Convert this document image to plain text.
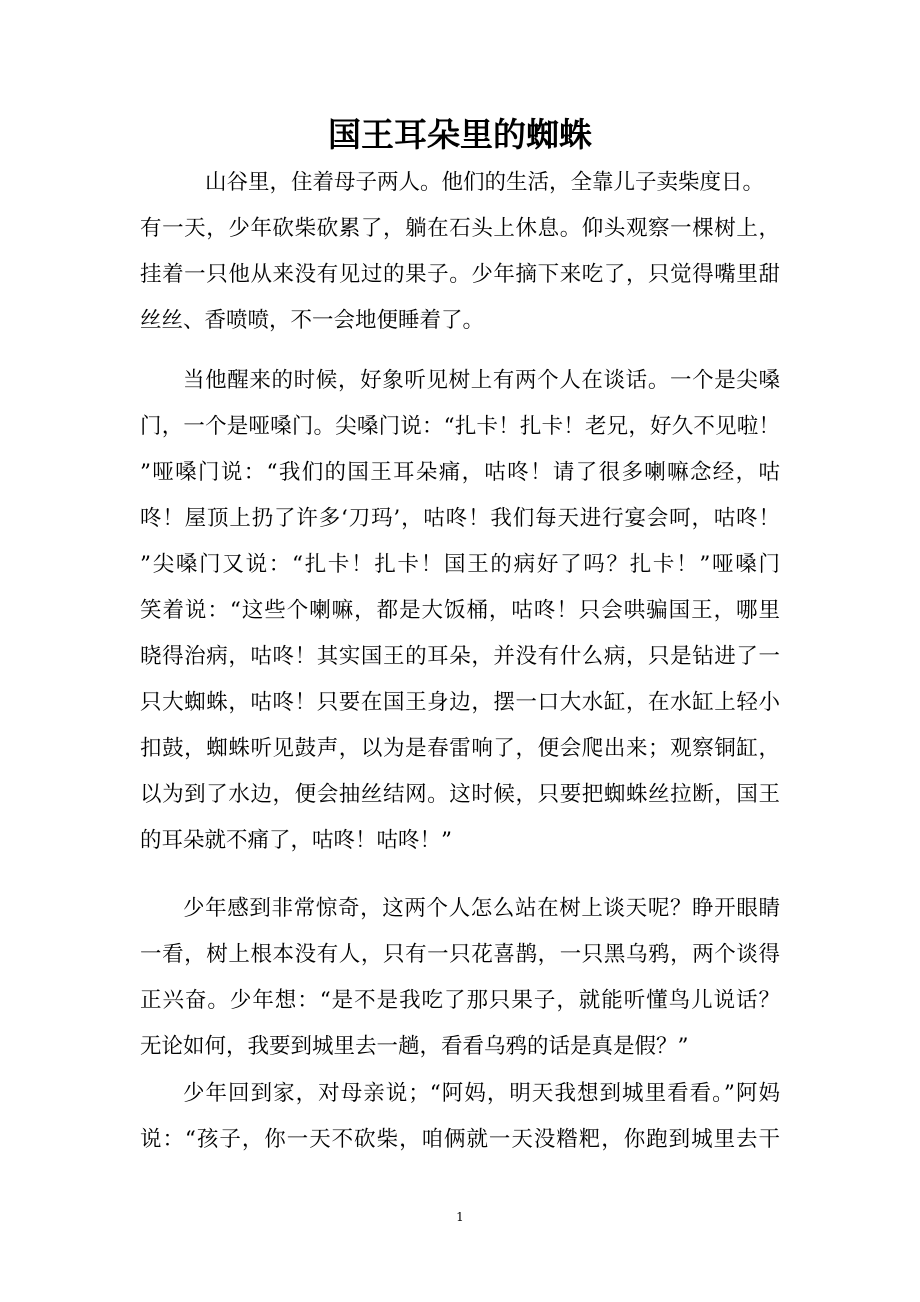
国王耳朵里的蜘蛛
山谷里，住着母子两人。他们的生活，全靠儿子卖柴度日。
有一天，少年砍柴砍累了，躺在石头上休息。仰头观察一棵树上，
挂着一只他从来没有见过的果子。少年摘下来吃了，只觉得嘴里甜
丝丝、香喷喷，不一会地便睡着了。
当他醒来的时候，好象听见树上有两个人在谈话。一个是尖嗓
门，一个是哑嗓门。尖嗓门说：“扎卡！扎卡！老兄，好久不见啦！
”哑嗓门说：“我们的国王耳朵痛，咕咚！请了很多喇嘛念经，咕
咚！屋顶上扔了许多‘刀玛’，咕咚！我们每天进行宴会呵，咕咚！
”尖嗓门又说：“扎卡！扎卡！国王的病好了吗？扎卡！”哑嗓门
笑着说：“这些个喇嘛，都是大饭桶，咕咚！只会哄骗国王，哪里
晓得治病，咕咚！其实国王的耳朵，并没有什么病，只是钻进了一
只大蜘蛛，咕咚！只要在国王身边，摆一口大水缸，在水缸上轻小
扣鼓，蜘蛛听见鼓声，以为是春雷响了，便会爬出来；观察铜缸，
以为到了水边，便会抽丝结网。这时候，只要把蜘蛛丝拉断，国王
的耳朵就不痛了，咕咚！咕咚！”
少年感到非常惊奇，这两个人怎么站在树上谈天呢？睁开眼睛
一看，树上根本没有人，只有一只花喜鹊，一只黑乌鸦，两个谈得
正兴奋。少年想：“是不是我吃了那只果子，就能听懂鸟儿说话？
无论如何，我要到城里去一趟，看看乌鸦的话是真是假？”
少年回到家，对母亲说；“阿妈，明天我想到城里看看。”阿妈
说：“孩子，你一天不砍柴，咱俩就一天没糌粑，你跑到城里去干
1
